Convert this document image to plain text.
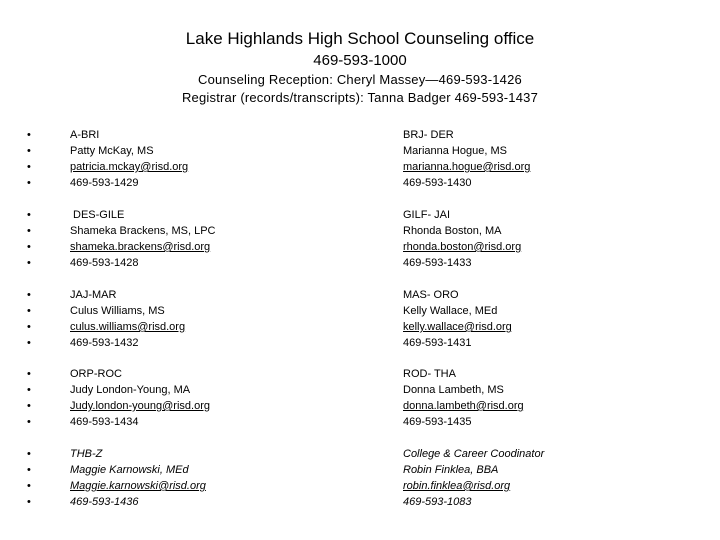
Lake Highlands High School Counseling office
469-593-1000
Counseling Reception: Cheryl Massey—469-593-1426
Registrar (records/transcripts): Tanna Badger 469-593-1437
•
•
•
•
A-BRI
Patty McKay, MS
patricia.mckay@risd.org
469-593-1429
BRJ- DER
Marianna Hogue, MS
marianna.hogue@risd.org
469-593-1430
•
•
•
•
DES-GILE
Shameka Brackens, MS, LPC
shameka.brackens@risd.org
469-593-1428
GILF- JAI
Rhonda Boston, MA
rhonda.boston@risd.org
469-593-1433
•
•
•
•
JAJ-MAR
Culus Williams, MS
culus.williams@risd.org
469-593-1432
MAS- ORO
Kelly Wallace, MEd
kelly.wallace@risd.org
469-593-1431
•
•
•
•
ORP-ROC
Judy London-Young, MA
Judy.london-young@risd.org
469-593-1434
ROD- THA
Donna Lambeth, MS
donna.lambeth@risd.org
469-593-1435
•
•
•
•
THB-Z
Maggie Karnowski, MEd
Maggie.karnowski@risd.org
469-593-1436
College & Career Coodinator
Robin Finklea, BBA
robin.finklea@risd.org
469-593-1083
